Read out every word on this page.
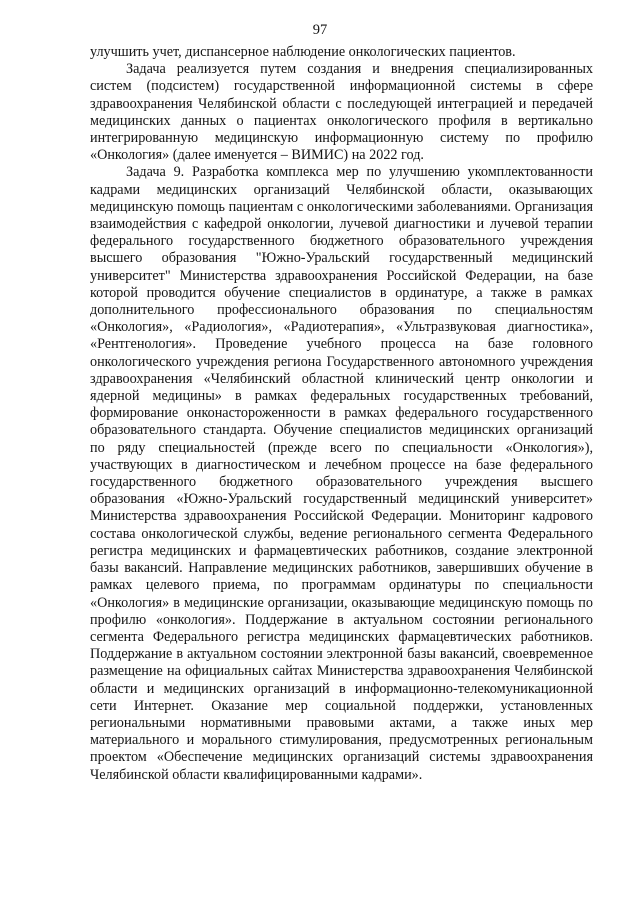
97

улучшить учет, диспансерное наблюдение онкологических пациентов.

Задача реализуется путем создания и внедрения специализированных систем (подсистем) государственной информационной системы в сфере здравоохранения Челябинской области с последующей интеграцией и передачей медицинских данных о пациентах онкологического профиля в вертикально интегрированную медицинскую информационную систему по профилю «Онкология» (далее именуется – ВИМИС) на 2022 год.

Задача 9. Разработка комплекса мер по улучшению укомплектованности кадрами медицинских организаций Челябинской области, оказывающих медицинскую помощь пациентам с онкологическими заболеваниями. Организация взаимодействия с кафедрой онкологии, лучевой диагностики и лучевой терапии федерального государственного бюджетного образовательного учреждения высшего образования "Южно-Уральский государственный медицинский университет" Министерства здравоохранения Российской Федерации, на базе которой проводится обучение специалистов в ординатуре, а также в рамках дополнительного профессионального образования по специальностям «Онкология», «Радиология», «Радиотерапия», «Ультразвуковая диагностика», «Рентгенология». Проведение учебного процесса на базе головного онкологического учреждения региона Государственного автономного учреждения здравоохранения «Челябинский областной клинический центр онкологии и ядерной медицины» в рамках федеральных государственных требований, формирование онконастороженности в рамках федерального государственного образовательного стандарта. Обучение специалистов медицинских организаций по ряду специальностей (прежде всего по специальности «Онкология»), участвующих в диагностическом и лечебном процессе на базе федерального государственного бюджетного образовательного учреждения высшего образования «Южно-Уральский государственный медицинский университет» Министерства здравоохранения Российской Федерации. Мониторинг кадрового состава онкологической службы, ведение регионального сегмента Федерального регистра медицинских и фармацевтических работников, создание электронной базы вакансий. Направление медицинских работников, завершивших обучение в рамках целевого приема, по программам ординатуры по специальности «Онкология» в медицинские организации, оказывающие медицинскую помощь по профилю «онкология». Поддержание в актуальном состоянии регионального сегмента Федерального регистра медицинских фармацевтических работников. Поддержание в актуальном состоянии электронной базы вакансий, своевременное размещение на официальных сайтах Министерства здравоохранения Челябинской области и медицинских организаций в информационно-телекомуникационной сети Интернет. Оказание мер социальной поддержки, установленных региональными нормативными правовыми актами, а также иных мер материального и морального стимулирования, предусмотренных региональным проектом «Обеспечение медицинских организаций системы здравоохранения Челябинской области квалифицированными кадрами».
